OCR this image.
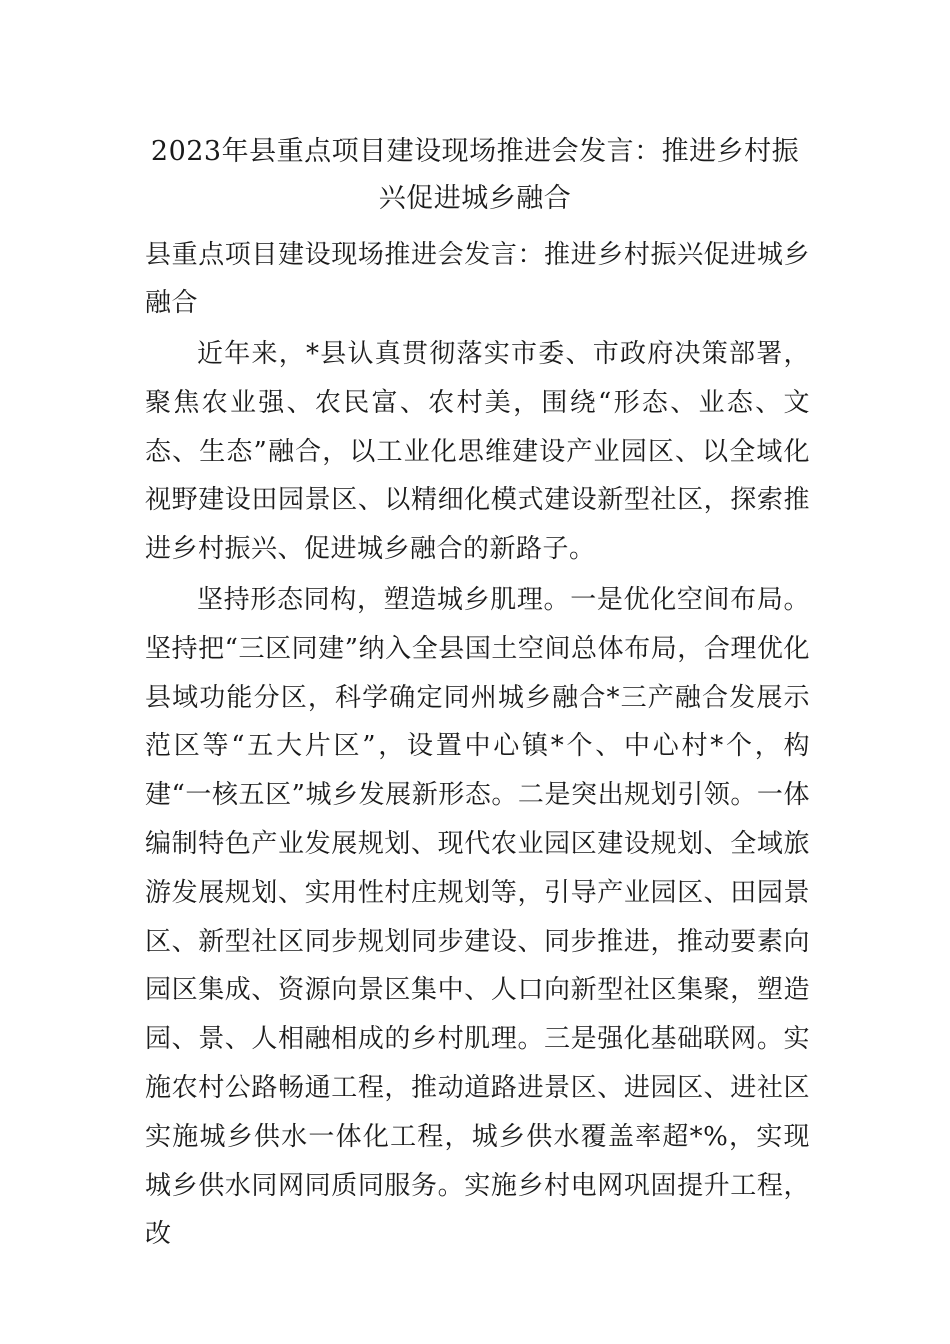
2023年县重点项目建设现场推进会发言：推进乡村振兴促进城乡融合
县重点项目建设现场推进会发言：推进乡村振兴促进城乡融合
近年来，*县认真贯彻落实市委、市政府决策部署，聚焦农业强、农民富、农村美，围绕“形态、业态、文态、生态”融合，以工业化思维建设产业园区、以全域化视野建设田园景区、以精细化模式建设新型社区，探索推进乡村振兴、促进城乡融合的新路子。
坚持形态同构，塑造城乡肌理。一是优化空间布局。坚持把“三区同建”纳入全县国土空间总体布局，合理优化县域功能分区，科学确定同州城乡融合*三产融合发展示范区等“五大片区”，设置中心镇*个、中心村*个，构建“一核五区”城乡发展新形态。二是突出规划引领。一体编制特色产业发展规划、现代农业园区建设规划、全域旅游发展规划、实用性村庄规划等，引导产业园区、田园景区、新型社区同步规划同步建设、同步推进，推动要素向园区集成、资源向景区集中、人口向新型社区集聚，塑造园、景、人相融相成的乡村肌理。三是强化基础联网。实施农村公路畅通工程，推动道路进景区、进园区、进社区实施城乡供水一体化工程，城乡供水覆盖率超*%，实现城乡供水同网同质同服务。实施乡村电网巩固提升工程，改
